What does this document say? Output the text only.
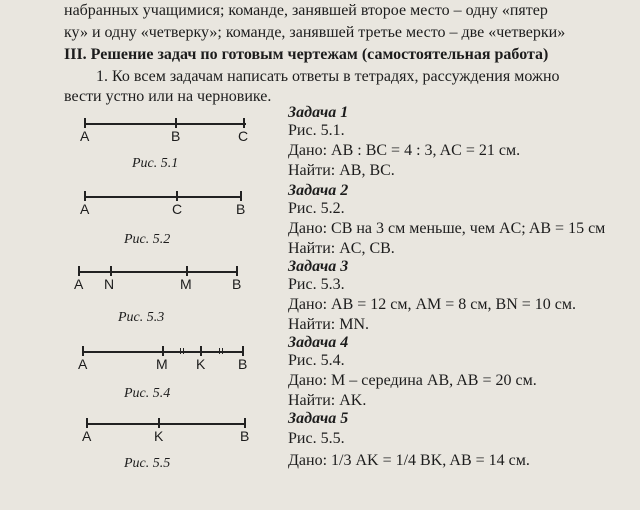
набранных учащимися; команде, занявшей второе место – одну «пятер
ку» и одну «четверку»; команде, занявшей третье место – две «четверки»
III. Решение задач по готовым чертежам (самостоятельная работа)
1. Ко всем задачам написать ответы в тетрадях, рассуждения можно
вести устно или на черновике.
A	B	C
Рис. 5.1
A	C	B
Рис. 5.2
A N	M	B
Рис. 5.3
A	M K B
Рис. 5.4
A	K	B
Рис. 5.5
Задача 1
Рис. 5.1.
Дано: AB : BC = 4 : 3, AC = 21 см.
Найти: AB, BC.
Задача 2
Рис. 5.2.
Дано: CB на 3 см меньше, чем AC; AB = 15 см
Найти: AC, CB.
Задача 3
Рис. 5.3.
Дано: AB = 12 см, AM = 8 см, BN = 10 см.
Найти: MN.
Задача 4
Рис. 5.4.
Дано: M – середина AB, AB = 20 см.
Найти: AK.
Задача 5
Рис. 5.5.
Дано: 1/3 AK = 1/4 BK, AB = 14 см.
